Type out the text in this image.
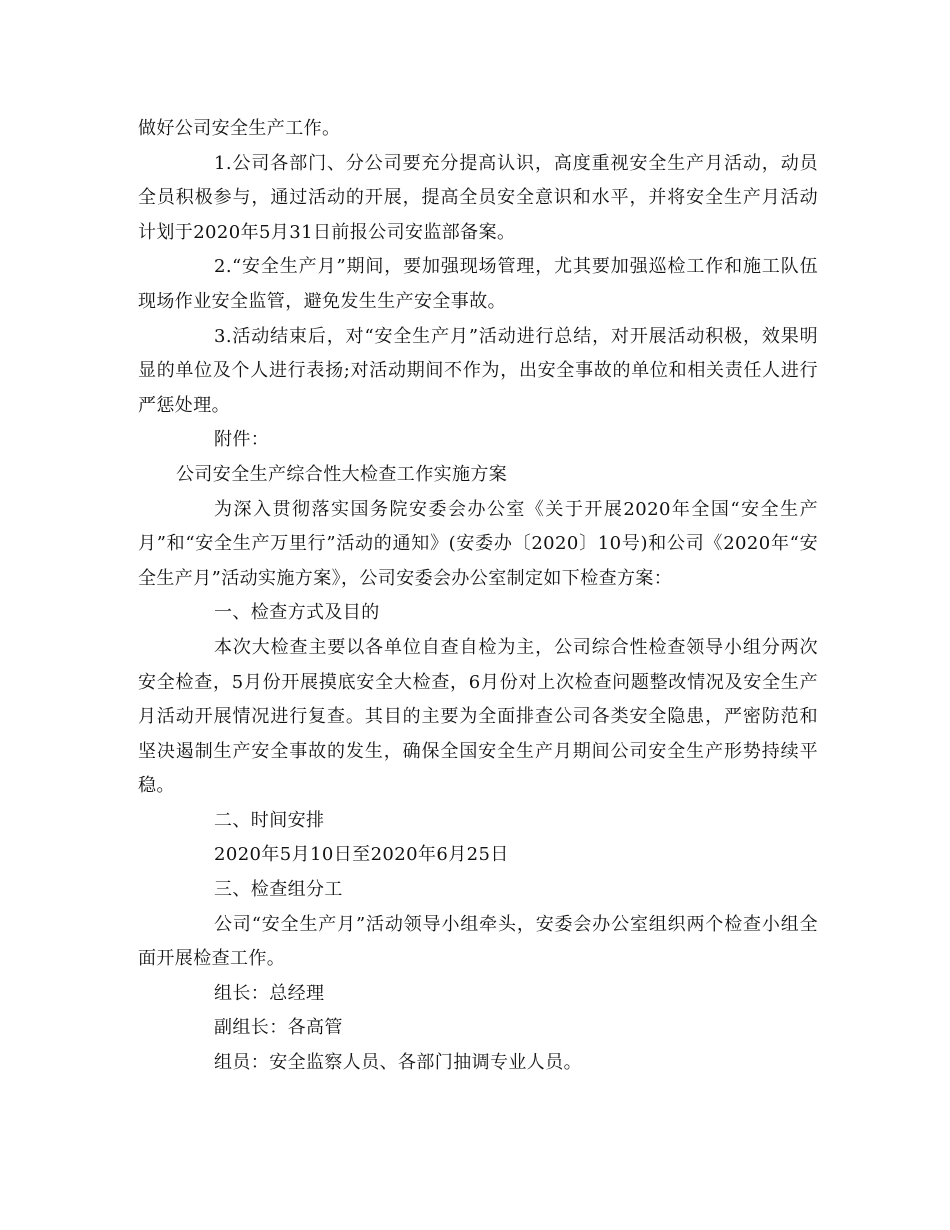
做好公司安全生产工作。

1.公司各部门、分公司要充分提高认识，高度重视安全生产月活动，动员全员积极参与，通过活动的开展，提高全员安全意识和水平，并将安全生产月活动计划于2020年5月31日前报公司安监部备案。

2.“安全生产月”期间，要加强现场管理，尤其要加强巡检工作和施工队伍现场作业安全监管，避免发生生产安全事故。

3.活动结束后，对“安全生产月”活动进行总结，对开展活动积极，效果明显的单位及个人进行表扬;对活动期间不作为，出安全事故的单位和相关责任人进行严惩处理。

附件：

公司安全生产综合性大检查工作实施方案

为深入贯彻落实国务院安委会办公室《关于开展2020年全国“安全生产月”和“安全生产万里行”活动的通知》(安委办〔2020〕10号)和公司《2020年“安全生产月”活动实施方案》，公司安委会办公室制定如下检查方案：

一、检查方式及目的

本次大检查主要以各单位自查自检为主，公司综合性检查领导小组分两次安全检查，5月份开展摸底安全大检查，6月份对上次检查问题整改情况及安全生产月活动开展情况进行复查。其目的主要为全面排查公司各类安全隐患，严密防范和坚决遏制生产安全事故的发生，确保全国安全生产月期间公司安全生产形势持续平稳。

二、时间安排

2020年5月10日至2020年6月25日

三、检查组分工

公司“安全生产月”活动领导小组牵头，安委会办公室组织两个检查小组全面开展检查工作。

组长：总经理

副组长：各高管

组员：安全监察人员、各部门抽调专业人员。
